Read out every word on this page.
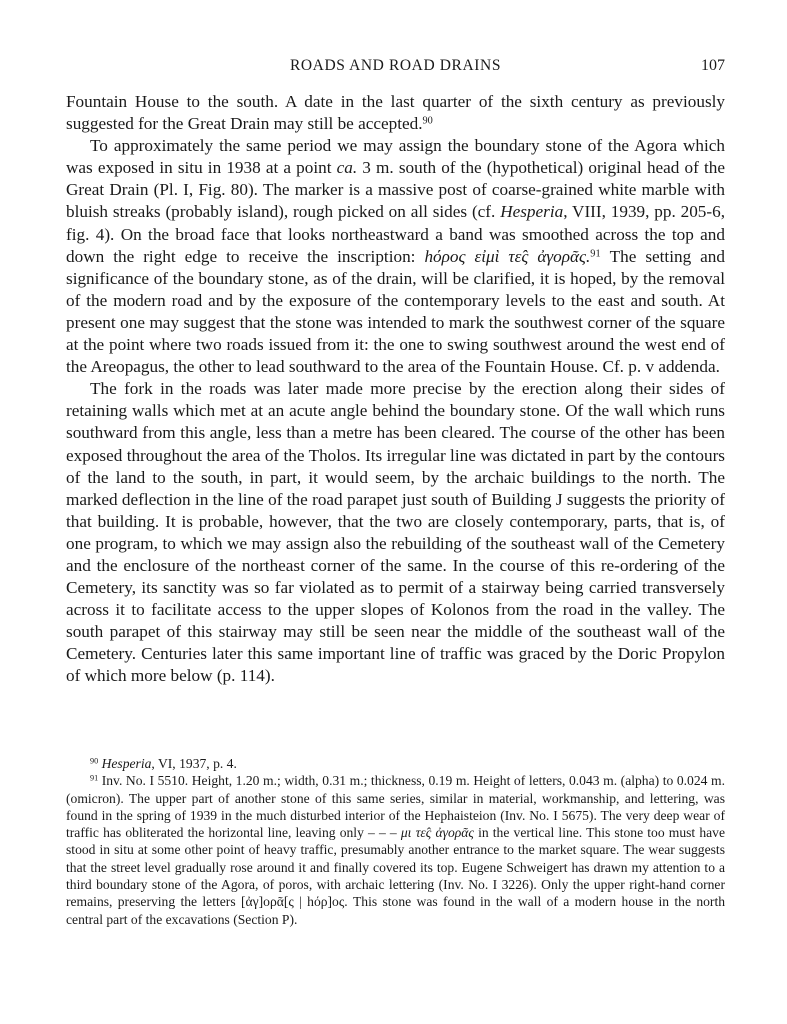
ROADS AND ROAD DRAINS	107

Fountain House to the south. A date in the last quarter of the sixth century as previously suggested for the Great Drain may still be accepted.$^{90}$

To approximately the same period we may assign the boundary stone of the Agora which was exposed in situ in 1938 at a point ca. 3 m. south of the (hypothetical) original head of the Great Drain (Pl. I, Fig. 80). The marker is a massive post of coarse-grained white marble with bluish streaks (probably island), rough picked on all sides (cf. Hesperia, VIII, 1939, pp. 205-6, fig. 4). On the broad face that looks northeastward a band was smoothed across the top and down the right edge to receive the inscription: hόρος εἰμὶ τε̂ς ἀγορᾶς.$^{91}$ The setting and significance of the boundary stone, as of the drain, will be clarified, it is hoped, by the removal of the modern road and by the exposure of the contemporary levels to the east and south. At present one may suggest that the stone was intended to mark the southwest corner of the square at the point where two roads issued from it: the one to swing southwest around the west end of the Areopagus, the other to lead southward to the area of the Fountain House. Cf. p. v addenda.

The fork in the roads was later made more precise by the erection along their sides of retaining walls which met at an acute angle behind the boundary stone. Of the wall which runs southward from this angle, less than a metre has been cleared. The course of the other has been exposed throughout the area of the Tholos. Its irregular line was dictated in part by the contours of the land to the south, in part, it would seem, by the archaic buildings to the north. The marked deflection in the line of the road parapet just south of Building J suggests the priority of that building. It is probable, however, that the two are closely contemporary, parts, that is, of one program, to which we may assign also the rebuilding of the southeast wall of the Cemetery and the enclosure of the northeast corner of the same. In the course of this re-ordering of the Cemetery, its sanctity was so far violated as to permit of a stairway being carried transversely across it to facilitate access to the upper slopes of Kolonos from the road in the valley. The south parapet of this stairway may still be seen near the middle of the southeast wall of the Cemetery. Centuries later this same important line of traffic was graced by the Doric Propylon of which more below (p. 114).

$^{90}$ Hesperia, VI, 1937, p. 4.

$^{91}$ Inv. No. I 5510. Height, 1.20 m.; width, 0.31 m.; thickness, 0.19 m. Height of letters, 0.043 m. (alpha) to 0.024 m. (omicron). The upper part of another stone of this same series, similar in material, workmanship, and lettering, was found in the spring of 1939 in the much disturbed interior of the Hephaisteion (Inv. No. I 5675). The very deep wear of traffic has obliterated the horizontal line, leaving only – – – μι τε̂ς ἀγορᾶς in the vertical line. This stone too must have stood in situ at some other point of heavy traffic, presumably another entrance to the market square. The wear suggests that the street level gradually rose around it and finally covered its top. Eugene Schweigert has drawn my attention to a third boundary stone of the Agora, of poros, with archaic lettering (Inv. No. I 3226). Only the upper right-hand corner remains, preserving the letters [ἀγ]ορᾶ[ς | hόρ]ος. This stone was found in the wall of a modern house in the north central part of the excavations (Section Ρ).
